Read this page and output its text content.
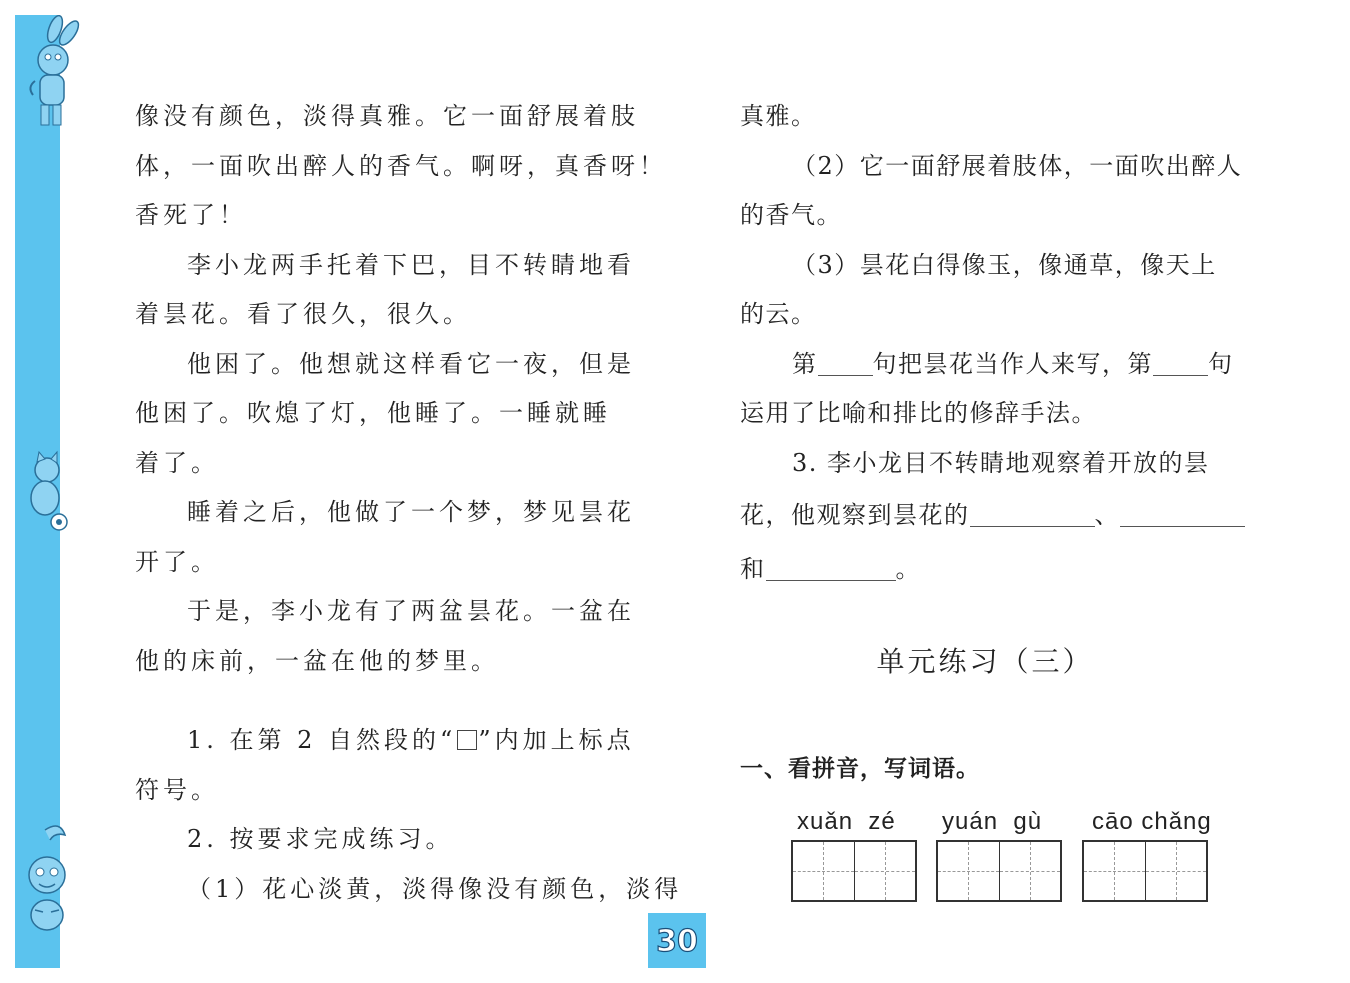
像没有颜色，淡得真雅。它一面舒展着肢
体，一面吹出醉人的香气。啊呀，真香呀！
香死了！
李小龙两手托着下巴，目不转睛地看
着昙花。看了很久，很久。
他困了。他想就这样看它一夜，但是
他困了。吹熄了灯，他睡了。一睡就睡
着了。
睡着之后，他做了一个梦，梦见昙花
开了。
于是，李小龙有了两盆昙花。一盆在
他的床前，一盆在他的梦里。
1. 在第 2 自然段的“ ”内加上标点
符号。
2. 按要求完成练习。
（1）花心淡黄，淡得像没有颜色，淡得
真雅。
（2）它一面舒展着肢体，一面吹出醉人
的香气。
（3）昙花白得像玉，像通草，像天上
的云。
第 句把昙花当作人来写，第 句
运用了比喻和排比的修辞手法。
3. 李小龙目不转睛地观察着开放的昙
花，他观察到昙花的	、
和	。
单元练习（三）
一、看拼音，写词语。
xuǎn  zé	yuán  gù	cāo chǎng
30
